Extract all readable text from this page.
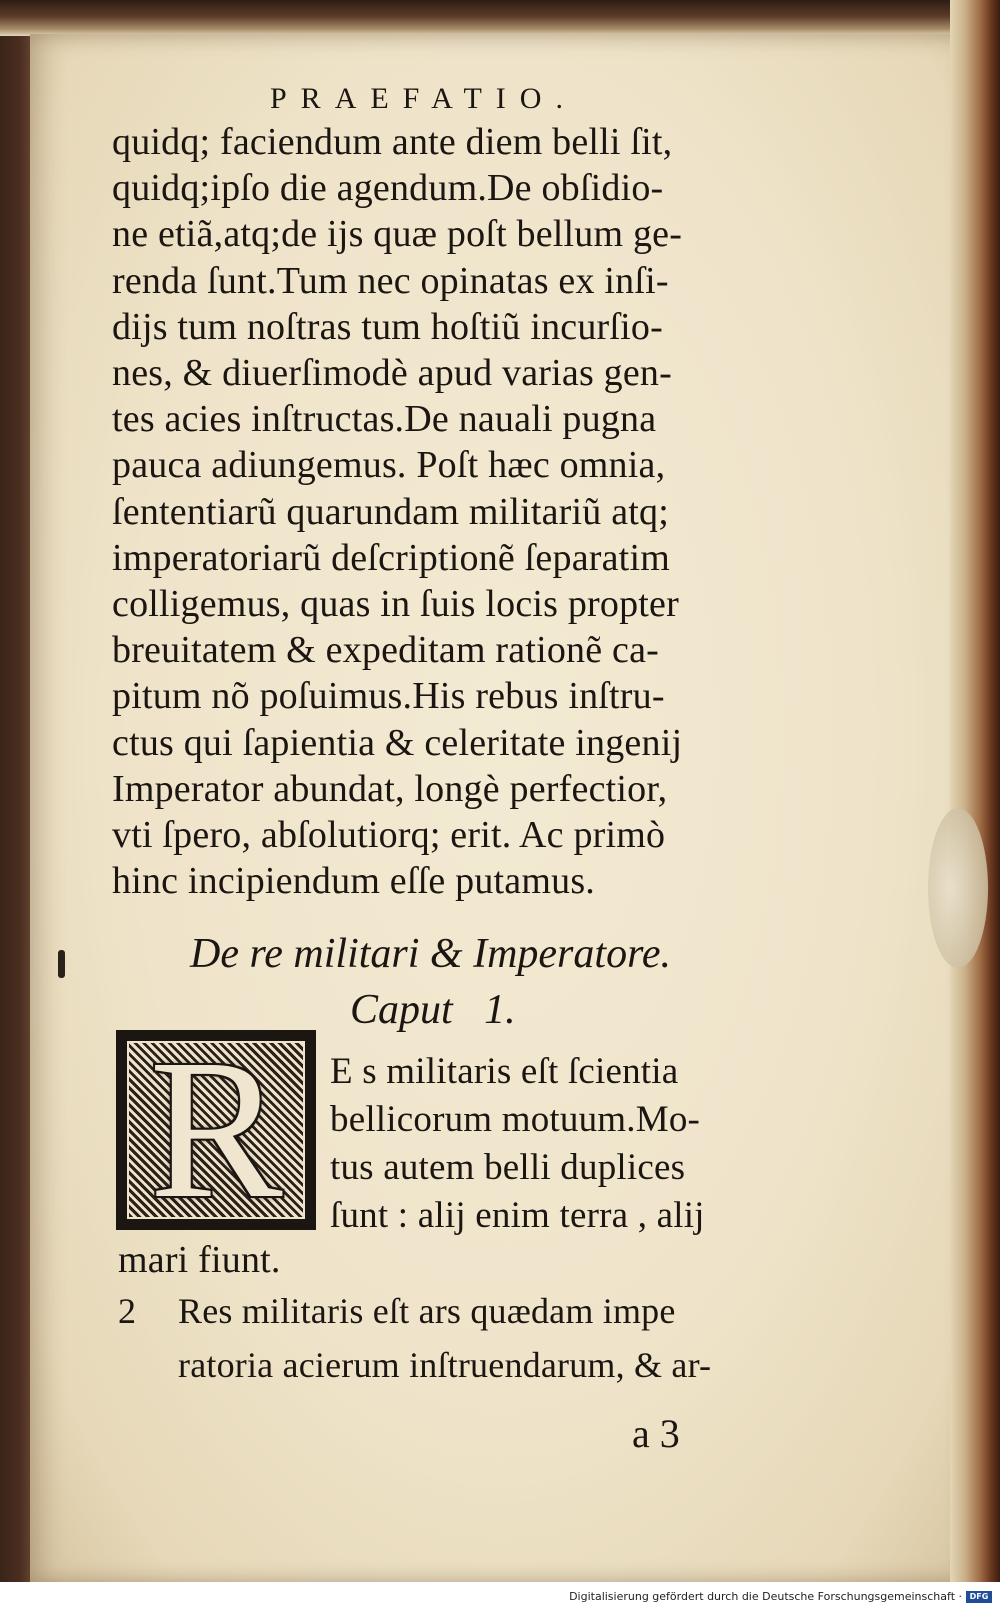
PRAEFATIO.
quidq; faciendum ante diem belli ſit,
quidq;ipſo die agendum.De obſidio-
ne etiã,atq;de ijs quæ poſt bellum ge-
renda ſunt.Tum nec opinatas ex inſi-
dijs tum noſtras tum hoſtiũ incurſio-
nes, & diuerſimodè apud varias gen-
tes acies inſtructas.De nauali pugna
pauca adiungemus. Poſt hæc omnia,
ſententiarũ quarundam militariũ atq;
imperatoriarũ deſcriptionẽ ſeparatim
colligemus, quas in ſuis locis propter
breuitatem & expeditam rationẽ ca-
pitum nõ poſuimus.His rebus inſtru-
ctus qui ſapientia & celeritate ingenij
Imperator abundat, longè perfectior,
vti ſpero, abſolutiorq; erit. Ac primò
hinc incipiendum eſſe putamus.
De re militari & Imperatore.
Caput   1.
R	E s militaris eſt ſcientia
bellicorum motuum.Mo-
tus autem belli duplices
ſunt : alij enim terra , alij
mari fiunt.
2 Res militaris eſt ars quædam impe
ratoria acierum inſtruendarum, & ar-
a 3
Digitalisierung gefördert durch die Deutsche Forschungsgemeinschaft · DFG
